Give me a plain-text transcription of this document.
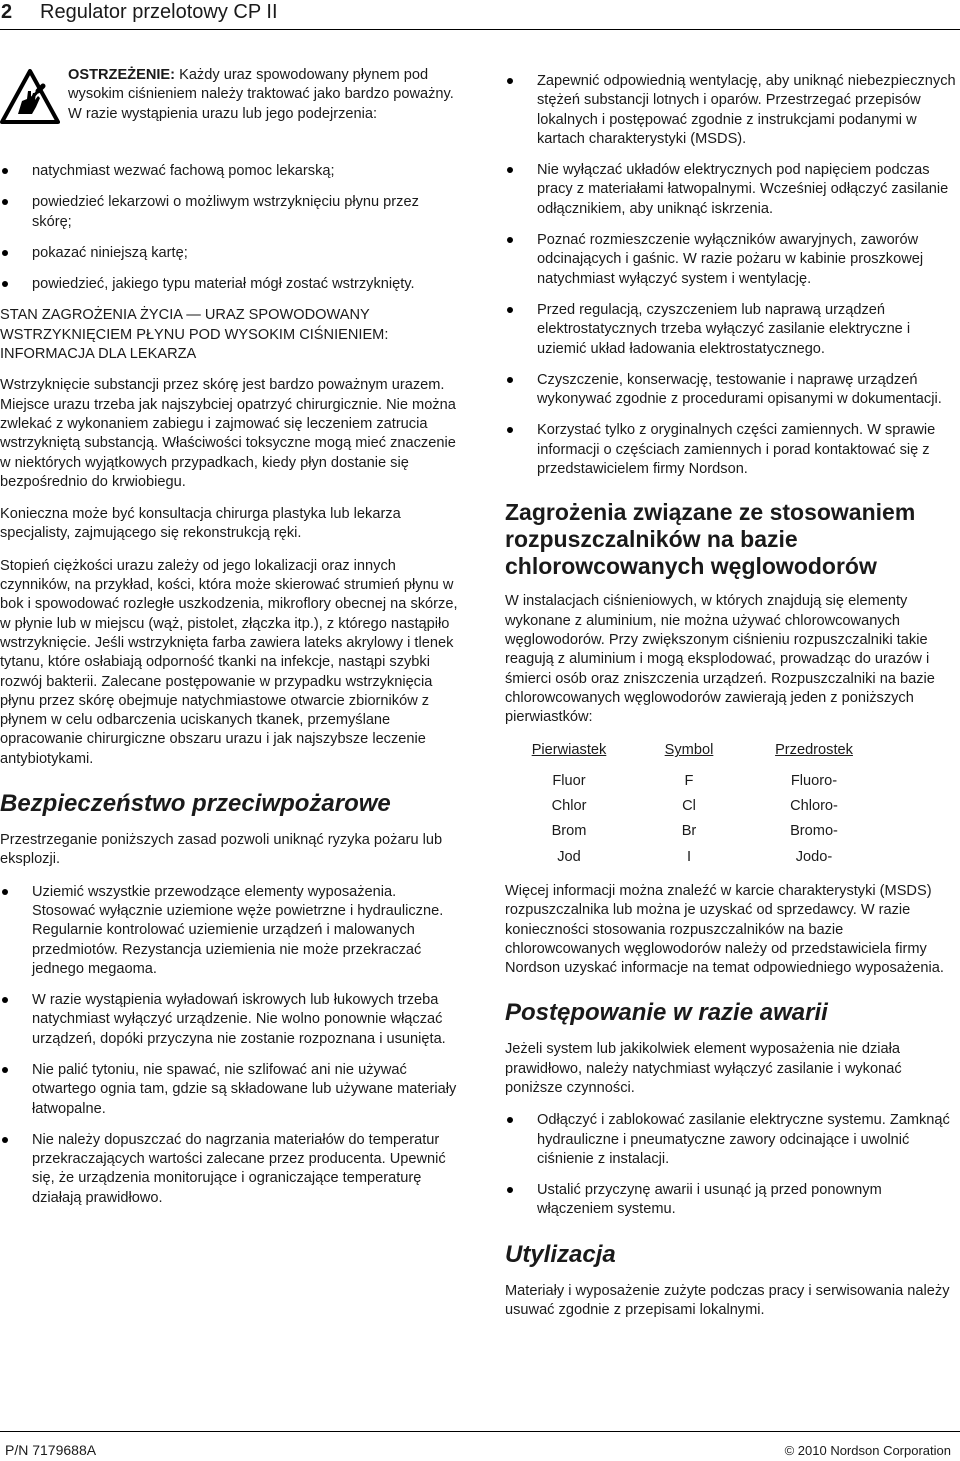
2 Regulator przelotowy CP II
OSTRZEŻENIE: Każdy uraz spowodowany płynem pod wysokim ciśnieniem należy traktować jako bardzo poważny. W razie wystąpienia urazu lub jego podejrzenia:
natychmiast wezwać fachową pomoc lekarską;
powiedzieć lekarzowi o możliwym wstrzyknięciu płynu przez skórę;
pokazać niniejszą kartę;
powiedzieć, jakiego typu materiał mógł zostać wstrzyknięty.

STAN ZAGROŻENIA ŻYCIA — URAZ SPOWODOWANY WSTRZYKNIĘCIEM PŁYNU POD WYSOKIM CIŚNIENIEM: INFORMACJA DLA LEKARZA

Wstrzyknięcie substancji przez skórę jest bardzo poważnym urazem. Miejsce urazu trzeba jak najszybciej opatrzyć chirurgicznie. Nie można zwlekać z wykonaniem zabiegu i zajmować się leczeniem zatrucia wstrzykniętą substancją. Właściwości toksyczne mogą mieć znaczenie w niektórych wyjątkowych przypadkach, kiedy płyn dostanie się bezpośrednio do krwiobiegu.

Konieczna może być konsultacja chirurga plastyka lub lekarza specjalisty, zajmującego się rekonstrukcją ręki.

Stopień ciężkości urazu zależy od jego lokalizacji oraz innych czynników, na przykład, kości, która może skierować strumień płynu w bok i spowodować rozległe uszkodzenia, mikroflory obecnej na skórze, w płynie lub w miejscu (wąż, pistolet, złączka itp.), z którego nastąpiło wstrzyknięcie. Jeśli wstrzyknięta farba zawiera lateks akrylowy i tlenek tytanu, które osłabiają odporność tkanki na infekcje, nastąpi szybki rozwój bakterii. Zalecane postępowanie w przypadku wstrzyknięcia płynu przez skórę obejmuje natychmiastowe otwarcie zbiorników z płynem w celu odbarczenia uciskanych tkanek, przemyślane opracowanie chirurgiczne obszaru urazu i jak najszybsze leczenie antybiotykami.

Bezpieczeństwo przeciwpożarowe

Przestrzeganie poniższych zasad pozwoli uniknąć ryzyka pożaru lub eksplozji.

Uziemić wszystkie przewodzące elementy wyposażenia. Stosować wyłącznie uziemione węże powietrzne i hydrauliczne. Regularnie kontrolować uziemienie urządzeń i malowanych przedmiotów. Rezystancja uziemienia nie może przekraczać jednego megaoma.
W razie wystąpienia wyładowań iskrowych lub łukowych trzeba natychmiast wyłączyć urządzenie. Nie wolno ponownie włączać urządzeń, dopóki przyczyna nie zostanie rozpoznana i usunięta.
Nie palić tytoniu, nie spawać, nie szlifować ani nie używać otwartego ognia tam, gdzie są składowane lub używane materiały łatwopalne.
Nie należy dopuszczać do nagrzania materiałów do temperatur przekraczających wartości zalecane przez producenta. Upewnić się, że urządzenia monitorujące i ograniczające temperaturę działają prawidłowo.
Zapewnić odpowiednią wentylację, aby uniknąć niebezpiecznych stężeń substancji lotnych i oparów. Przestrzegać przepisów lokalnych i postępować zgodnie z instrukcjami podanymi w kartach charakterystyki (MSDS).
Nie wyłączać układów elektrycznych pod napięciem podczas pracy z materiałami łatwopalnymi. Wcześniej odłączyć zasilanie odłącznikiem, aby uniknąć iskrzenia.
Poznać rozmieszczenie wyłączników awaryjnych, zaworów odcinających i gaśnic. W razie pożaru w kabinie proszkowej natychmiast wyłączyć system i wentylację.
Przed regulacją, czyszczeniem lub naprawą urządzeń elektrostatycznych trzeba wyłączyć zasilanie elektryczne i uziemić układ ładowania elektrostatycznego.
Czyszczenie, konserwację, testowanie i naprawę urządzeń wykonywać zgodnie z procedurami opisanymi w dokumentacji.
Korzystać tylko z oryginalnych części zamiennych. W sprawie informacji o częściach zamiennych i porad kontaktować się z przedstawicielem firmy Nordson.
Zagrożenia związane ze stosowaniem rozpuszczalników na bazie chlorowcowanych węglowodorów

W instalacjach ciśnieniowych, w których znajdują się elementy wykonane z aluminium, nie można używać chlorowcowanych węglowodorów. Przy zwiększonym ciśnieniu rozpuszczalniki takie reagują z aluminium i mogą eksplodować, prowadząc do urazów i śmierci osób oraz zniszczenia urządzeń. Rozpuszczalniki na bazie chlorowcowanych węglowodorów zawierają jeden z poniższych pierwiastków:

Pierwiastek	Symbol	Przedrostek
Fluor	F	Fluoro-
Chlor	Cl	Chloro-
Brom	Br	Bromo-
Jod	I	Jodo-

Więcej informacji można znaleźć w karcie charakterystyki (MSDS) rozpuszczalnika lub można je uzyskać od sprzedawcy. W razie konieczności stosowania rozpuszczalników na bazie chlorowcowanych węglowodorów należy od przedstawiciela firmy Nordson uzyskać informacje na temat odpowiedniego wyposażenia.

Postępowanie w razie awarii

Jeżeli system lub jakikolwiek element wyposażenia nie działa prawidłowo, należy natychmiast wyłączyć zasilanie i wykonać poniższe czynności.

Odłączyć i zablokować zasilanie elektryczne systemu. Zamknąć hydrauliczne i pneumatyczne zawory odcinające i uwolnić ciśnienie z instalacji.
Ustalić przyczynę awarii i usunąć ją przed ponownym włączeniem systemu.
Utylizacja

Materiały i wyposażenie zużyte podczas pracy i serwisowania należy usuwać zgodnie z przepisami lokalnymi.

P/N 7179688A	© 2010 Nordson Corporation
